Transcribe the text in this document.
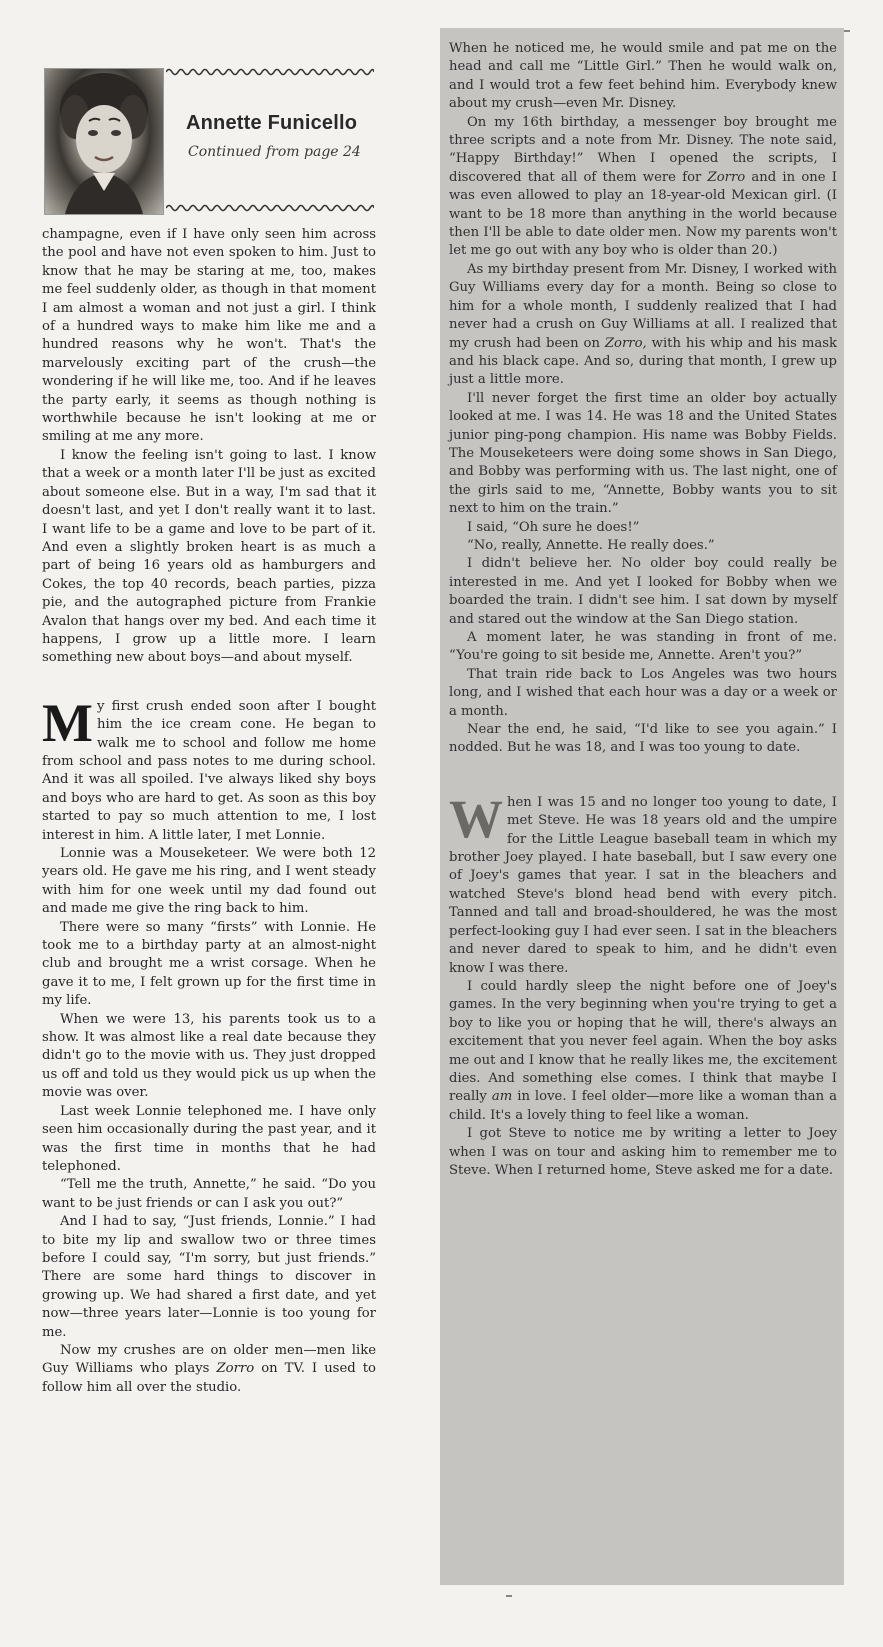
Annette Funicello
Continued from page 24

champagne, even if I have only seen him across the pool and have not even spoken to him. Just to know that he may be staring at me, too, makes me feel suddenly older, as though in that moment I am almost a woman and not just a girl. I think of a hundred ways to make him like me and a hundred reasons why he won't. That's the marvelously exciting part of the crush—the wondering if he will like me, too. And if he leaves the party early, it seems as though nothing is worthwhile because he isn't looking at me or smiling at me any more.

I know the feeling isn't going to last. I know that a week or a month later I'll be just as excited about someone else. But in a way, I'm sad that it doesn't last, and yet I don't really want it to last. I want life to be a game and love to be part of it. And even a slightly broken heart is as much a part of being 16 years old as hamburgers and Cokes, the top 40 records, beach parties, pizza pie, and the autographed picture from Frankie Avalon that hangs over my bed. And each time it happens, I grow up a little more. I learn something new about boys—and about myself.

My first crush ended soon after I bought him the ice cream cone. He began to walk me to school and follow me home from school and pass notes to me during school. And it was all spoiled. I've always liked shy boys and boys who are hard to get. As soon as this boy started to pay so much attention to me, I lost interest in him. A little later, I met Lonnie.

Lonnie was a Mouseketeer. We were both 12 years old. He gave me his ring, and I went steady with him for one week until my dad found out and made me give the ring back to him.

There were so many “firsts” with Lonnie. He took me to a birthday party at an almost-night club and brought me a wrist corsage. When he gave it to me, I felt grown up for the first time in my life.

When we were 13, his parents took us to a show. It was almost like a real date because they didn't go to the movie with us. They just dropped us off and told us they would pick us up when the movie was over.

Last week Lonnie telephoned me. I have only seen him occasionally during the past year, and it was the first time in months that he had telephoned.

“Tell me the truth, Annette,” he said. “Do you want to be just friends or can I ask you out?”

And I had to say, “Just friends, Lonnie.” I had to bite my lip and swallow two or three times before I could say, “I'm sorry, but just friends.” There are some hard things to discover in growing up. We had shared a first date, and yet now—three years later—Lonnie is too young for me.

Now my crushes are on older men—men like Guy Williams who plays Zorro on TV. I used to follow him all over the studio.

When he noticed me, he would smile and pat me on the head and call me “Little Girl.” Then he would walk on, and I would trot a few feet behind him. Everybody knew about my crush—even Mr. Disney.

On my 16th birthday, a messenger boy brought me three scripts and a note from Mr. Disney. The note said, “Happy Birthday!” When I opened the scripts, I discovered that all of them were for Zorro and in one I was even allowed to play an 18-year-old Mexican girl. (I want to be 18 more than anything in the world because then I'll be able to date older men. Now my parents won't let me go out with any boy who is older than 20.)

As my birthday present from Mr. Disney, I worked with Guy Williams every day for a month. Being so close to him for a whole month, I suddenly realized that I had never had a crush on Guy Williams at all. I realized that my crush had been on Zorro, with his whip and his mask and his black cape. And so, during that month, I grew up just a little more.

I'll never forget the first time an older boy actually looked at me. I was 14. He was 18 and the United States junior ping-pong champion. His name was Bobby Fields. The Mouseketeers were doing some shows in San Diego, and Bobby was performing with us. The last night, one of the girls said to me, “Annette, Bobby wants you to sit next to him on the train.”

I said, “Oh sure he does!”

“No, really, Annette. He really does.”

I didn't believe her. No older boy could really be interested in me. And yet I looked for Bobby when we boarded the train. I didn't see him. I sat down by myself and stared out the window at the San Diego station.

A moment later, he was standing in front of me. “You're going to sit beside me, Annette. Aren't you?”

That train ride back to Los Angeles was two hours long, and I wished that each hour was a day or a week or a month.

Near the end, he said, “I'd like to see you again.” I nodded. But he was 18, and I was too young to date.

When I was 15 and no longer too young to date, I met Steve. He was 18 years old and the umpire for the Little League baseball team in which my brother Joey played. I hate baseball, but I saw every one of Joey's games that year. I sat in the bleachers and watched Steve's blond head bend with every pitch. Tanned and tall and broad-shouldered, he was the most perfect-looking guy I had ever seen. I sat in the bleachers and never dared to speak to him, and he didn't even know I was there.

I could hardly sleep the night before one of Joey's games. In the very beginning when you're trying to get a boy to like you or hoping that he will, there's always an excitement that you never feel again. When the boy asks me out and I know that he really likes me, the excitement dies. And something else comes. I think that maybe I really am in love. I feel older—more like a woman than a child. It's a lovely thing to feel like a woman.

I got Steve to notice me by writing a letter to Joey when I was on tour and asking him to remember me to Steve. When I returned home, Steve asked me for a date.
